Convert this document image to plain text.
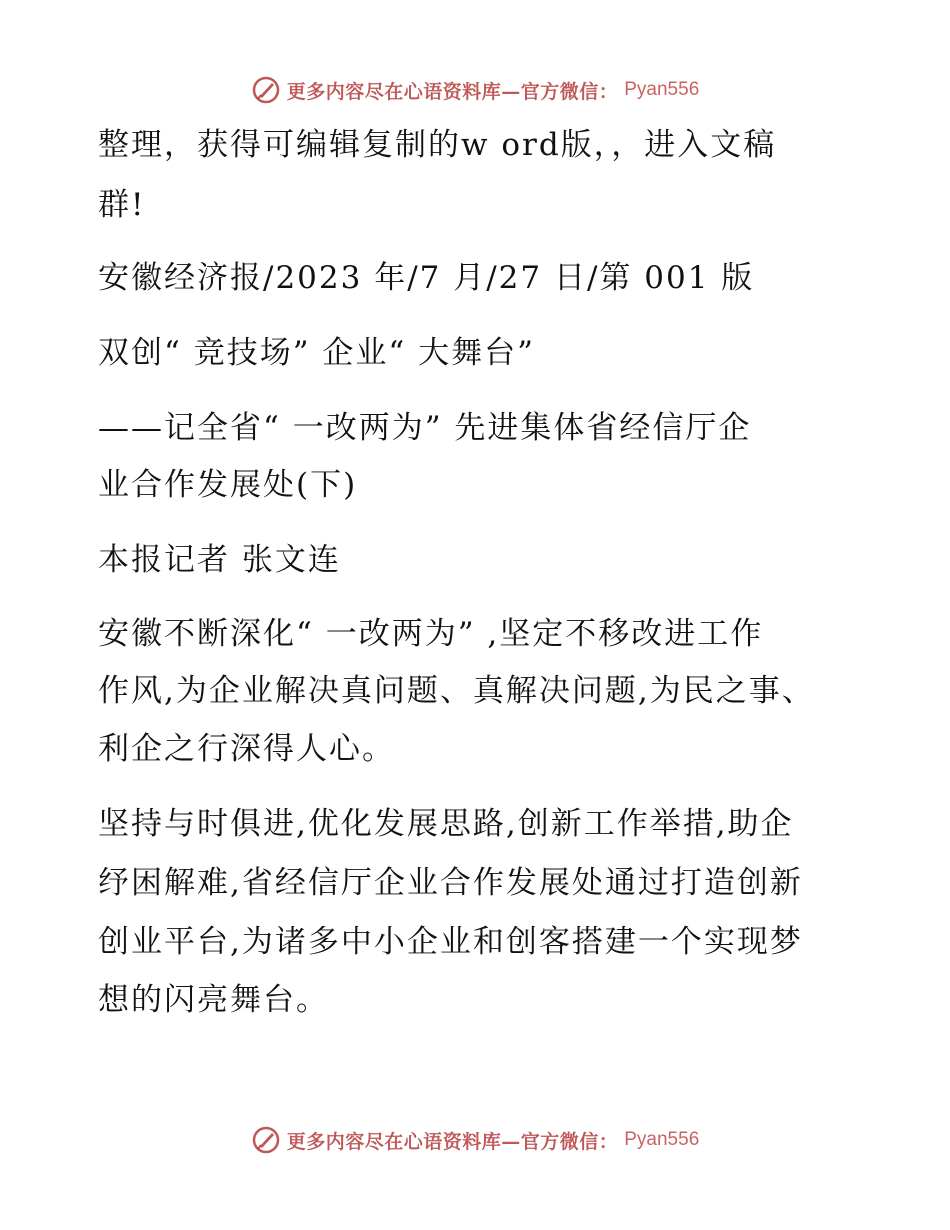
更多内容尽在心语资料库—官方微信： Pyan556
整理，获得可编辑复制的w ord版，，进入文稿
群!
安徽经济报/2023 年/7 月/27 日/第 001 版
双创“ 竞技场” 企业“ 大舞台”
——记全省“ 一改两为” 先进集体省经信厅企
业合作发展处(下)
本报记者 张文连
安徽不断深化“ 一改两为” ,坚定不移改进工作
作风,为企业解决真问题、真解决问题,为民之事、
利企之行深得人心。
坚持与时俱进,优化发展思路,创新工作举措,助企
纾困解难,省经信厅企业合作发展处通过打造创新
创业平台,为诸多中小企业和创客搭建一个实现梦
想的闪亮舞台。
更多内容尽在心语资料库—官方微信： Pyan556
